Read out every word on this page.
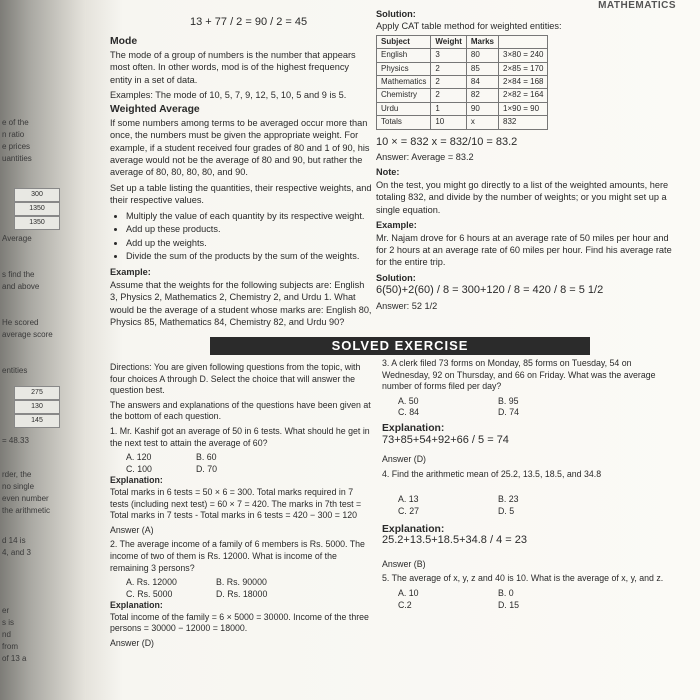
e of the
n ratio
e prices
uantities
300
1350
1350
Average
s find the
and above
He scored
average score
entities
275
130
145
= 48.33
rder, the
no single
even number
the arithmetic
d 14 is
4, and 3
er
s is
nd
from
of 13 a
MATHEMATICS
13 + 77 / 2 = 90 / 2 = 45
Mode
The mode of a group of numbers is the number that appears most often. In other words, mod is of the highest frequency entity in a set of data.
Examples: The mode of 10, 5, 7, 9, 12, 5, 10, 5 and 9 is 5.
Weighted Average
If some numbers among terms to be averaged occur more than once, the numbers must be given the appropriate weight. For example, if a student received four grades of 80 and 1 of 90, his average would not be the average of 80 and 90, but rather the average of 80, 80, 80, 80, and 90.
Set up a table listing the quantities, their respective weights, and their respective values.
• Multiply the value of each quantity by its respective weight.
• Add up these products.
• Add up the weights.
• Divide the sum of the products by the sum of the weights.
Example:
Assume that the weights for the following subjects are: English 3, Physics 2, Mathematics 2, Chemistry 2, and Urdu 1. What would be the average of a student whose marks are: English 80, Physics 85, Mathematics 84, Chemistry 82, and Urdu 90?
Solution:
Apply CAT table method for weighted entities:
Subject	Weight	Marks	
English	3	80	3×80 = 240
Physics	2	85	2×85 = 170
Mathematics	2	84	2×84 = 168
Chemistry	2	82	2×82 = 164
Urdu	1	90	1×90 = 90
Totals	10	x	832
10 × = 832 x = 832/10 = 83.2
Answer: Average = 83.2
Note:
On the test, you might go directly to a list of the weighted amounts, here totaling 832, and divide by the number of weights; or you might set up a single equation.
Example:
Mr. Najam drove for 6 hours at an average rate of 50 miles per hour and for 2 hours at an average rate of 60 miles per hour. Find his average rate for the entire trip.
Solution:
6(50)+2(60) / 8 = 300+120 / 8 = 420 / 8 = 5 1/2
Answer: 52 1/2
SOLVED EXERCISE
Directions: You are given following questions from the topic, with four choices A through D. Select the choice that will answer the question best.
The answers and explanations of the questions have been given at the bottom of each question.
1. Mr. Kashif got an average of 50 in 6 tests. What should he get in the next test to attain the average of 60?
A. 120	B. 60
C. 100	D. 70
Explanation:
Total marks in 6 tests = 50 × 6 = 300. Total marks required in 7 tests (including next test) = 60 × 7 = 420. The marks in 7th test = Total marks in 7 tests - Total marks in 6 tests = 420 − 300 = 120
Answer (A)
2. The average income of a family of 6 members is Rs. 5000. The income of two of them is Rs. 12000. What is income of the remaining 3 persons?
A. Rs. 12000	B. Rs. 90000
C. Rs. 5000	D. Rs. 18000
Explanation:
Total income of the family = 6 × 5000 = 30000. Income of the three persons = 30000 − 12000 = 18000.
Answer (D)
3. A clerk filed 73 forms on Monday, 85 forms on Tuesday, 54 on Wednesday, 92 on Thursday, and 66 on Friday. What was the average number of forms filed per day?
A. 50	B. 95
C. 84	D. 74
Explanation:
73+85+54+92+66 / 5 = 74
Answer (D)
4. Find the arithmetic mean of 25.2, 13.5, 18.5, and 34.8
A. 13	B. 23
C. 27	D. 5
Explanation:
25.2+13.5+18.5+34.8 / 4 = 23
Answer (B)
5. The average of x, y, z and 40 is 10. What is the average of x, y, and z.
A. 10	B. 0
C.2	D. 15
